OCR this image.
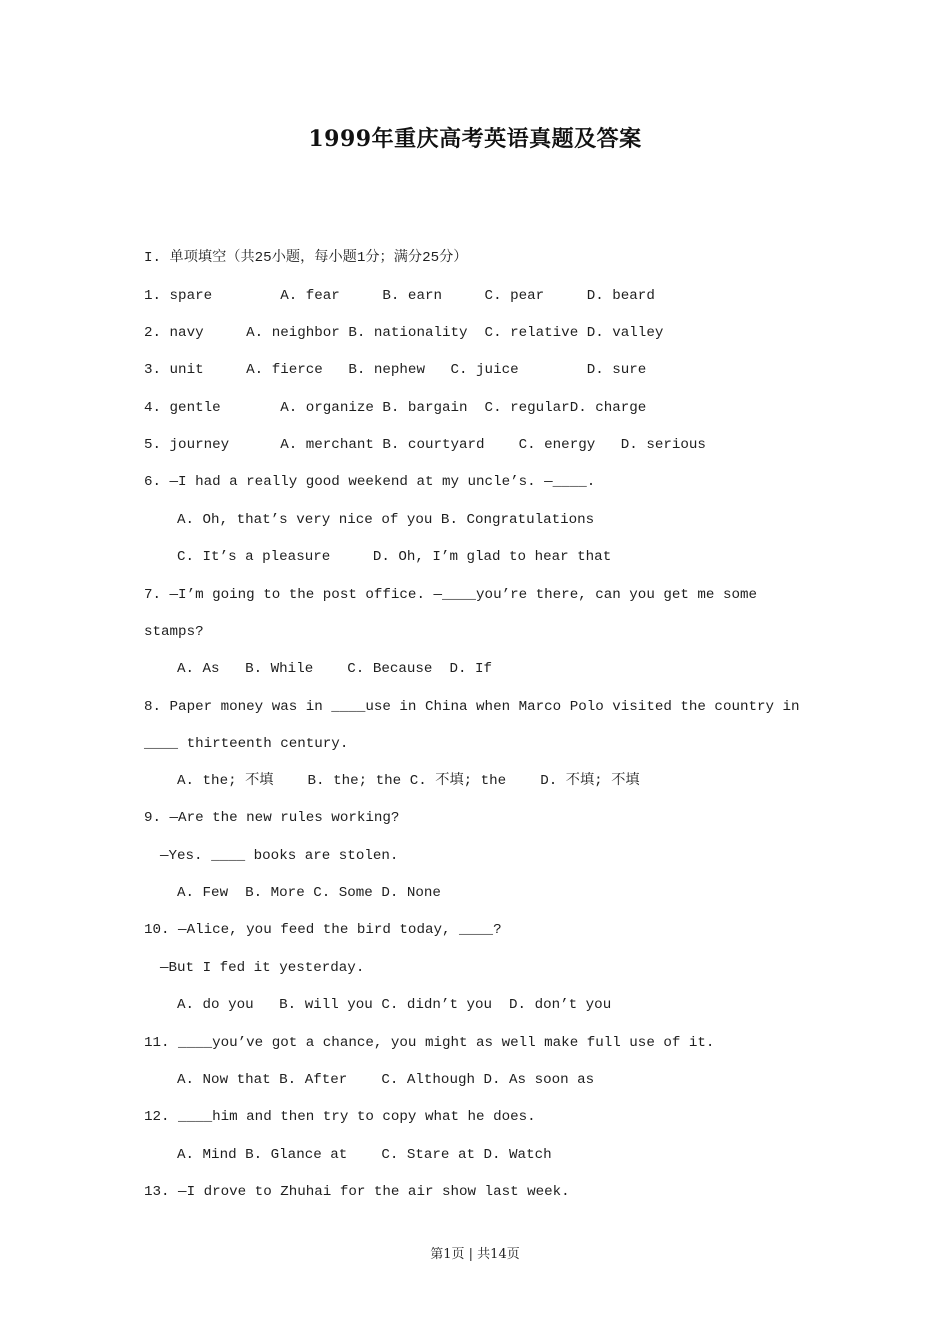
1999年重庆高考英语真题及答案
I. 单项填空（共25小题，每小题1分；满分25分）
1. spare        A. fear     B. earn     C. pear     D. beard
2. navy     A. neighbor B. nationality  C. relative D. valley
3. unit     A. fierce   B. nephew   C. juice        D. sure
4. gentle       A. organize B. bargain  C. regularD. charge
5. journey      A. merchant B. courtyard    C. energy   D. serious
6. —I had a really good weekend at my uncle’s. —____.
A. Oh, that’s very nice of you B. Congratulations
C. It’s a pleasure     D. Oh, I’m glad to hear that
7. —I’m going to the post office. —____you’re there, can you get me some
stamps?
A. As   B. While    C. Because  D. If
8. Paper money was in ____use in China when Marco Polo visited the country in
____ thirteenth century.
A. the; 不填    B. the; the C. 不填; the    D. 不填; 不填
9. —Are the new rules working?
—Yes. ____ books are stolen.
A. Few  B. More C. Some D. None
10. —Alice, you feed the bird today, ____?
—But I fed it yesterday.
A. do you   B. will you C. didn’t you  D. don’t you
11. ____you’ve got a chance, you might as well make full use of it.
A. Now that B. After    C. Although D. As soon as
12. ____him and then try to copy what he does.
A. Mind B. Glance at    C. Stare at D. Watch
13. —I drove to Zhuhai for the air show last week.
第1页 | 共14页
